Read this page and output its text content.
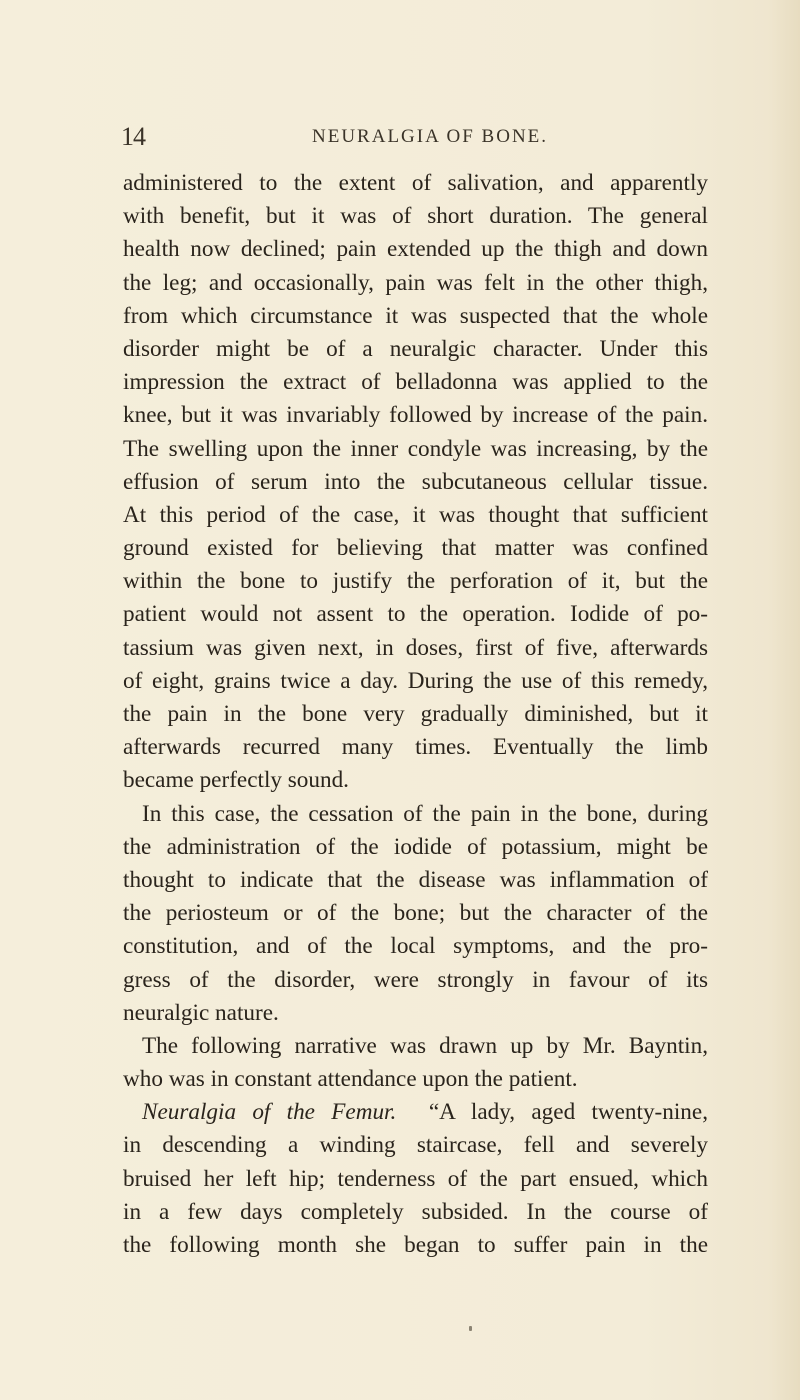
14	NEURALGIA OF BONE.
administered to the extent of salivation, and apparently
with benefit, but it was of short duration. The general
health now declined; pain extended up the thigh and down
the leg; and occasionally, pain was felt in the other thigh,
from which circumstance it was suspected that the whole
disorder might be of a neuralgic character. Under this
impression the extract of belladonna was applied to the
knee, but it was invariably followed by increase of the pain.
The swelling upon the inner condyle was increasing, by the
effusion of serum into the subcutaneous cellular tissue.
At this period of the case, it was thought that sufficient
ground existed for believing that matter was confined
within the bone to justify the perforation of it, but the
patient would not assent to the operation. Iodide of po-
tassium was given next, in doses, first of five, afterwards
of eight, grains twice a day. During the use of this remedy,
the pain in the bone very gradually diminished, but it
afterwards recurred many times. Eventually the limb
became perfectly sound.
In this case, the cessation of the pain in the bone, during
the administration of the iodide of potassium, might be
thought to indicate that the disease was inflammation of
the periosteum or of the bone; but the character of the
constitution, and of the local symptoms, and the pro-
gress of the disorder, were strongly in favour of its
neuralgic nature.
The following narrative was drawn up by Mr. Bayntin,
who was in constant attendance upon the patient.
Neuralgia of the Femur. “A lady, aged twenty-nine,
in descending a winding staircase, fell and severely
bruised her left hip; tenderness of the part ensued, which
in a few days completely subsided. In the course of
the following month she began to suffer pain in the
